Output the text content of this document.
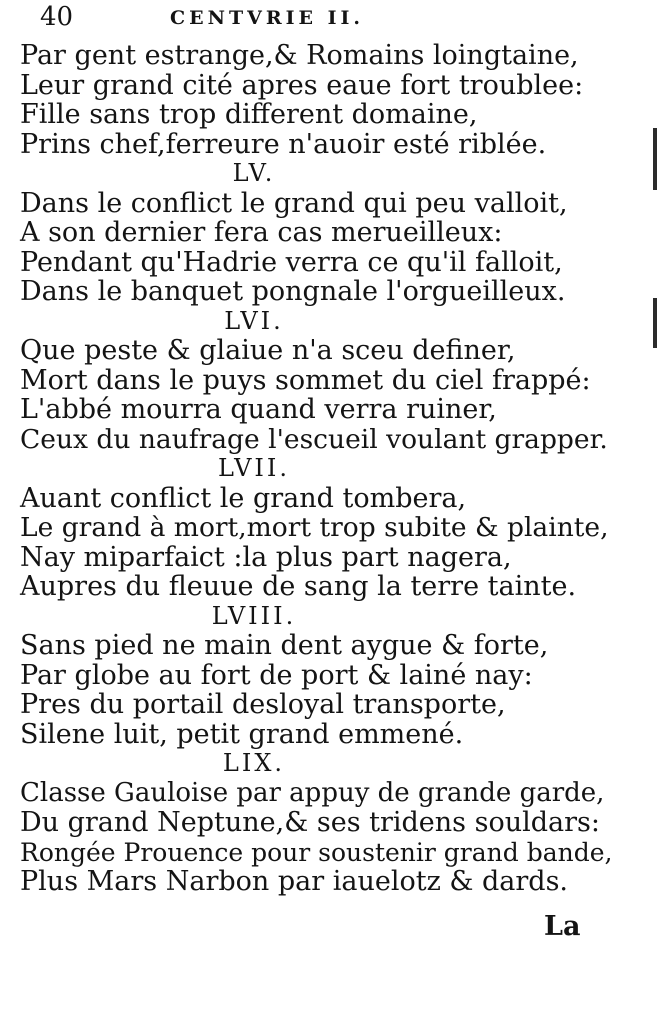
40	CENTVRIE II.
Par gent estrange,& Romains loingtaine,
Leur grand cité apres eaue fort troublee:
Fille sans trop different domaine,
Prins chef,ferreure n'auoir esté riblée.
LV.
Dans le conflict le grand qui peu valloit,
A son dernier fera cas merueilleux:
Pendant qu'Hadrie verra ce qu'il falloit,
Dans le banquet pongnale l'orgueilleux.
LVI.
Que peste & glaiue n'a sceu definer,
Mort dans le puys sommet du ciel frappé:
L'abbé mourra quand verra ruiner,
Ceux du naufrage l'escueil voulant grapper.
LVII.
Auant conflict le grand tombera,
Le grand à mort,mort trop subite & plainte,
Nay miparfaict :la plus part nagera,
Aupres du fleuue de sang la terre tainte.
LVIII.
Sans pied ne main dent aygue & forte,
Par globe au fort de port & lainé nay:
Pres du portail desloyal transporte,
Silene luit, petit grand emmené.
LIX.
Classe Gauloise par appuy de grande garde,
Du grand Neptune,& ses tridens souldars:
Rongée Prouence pour soustenir grand bande,
Plus Mars Narbon par iauelotz & dards.
La
